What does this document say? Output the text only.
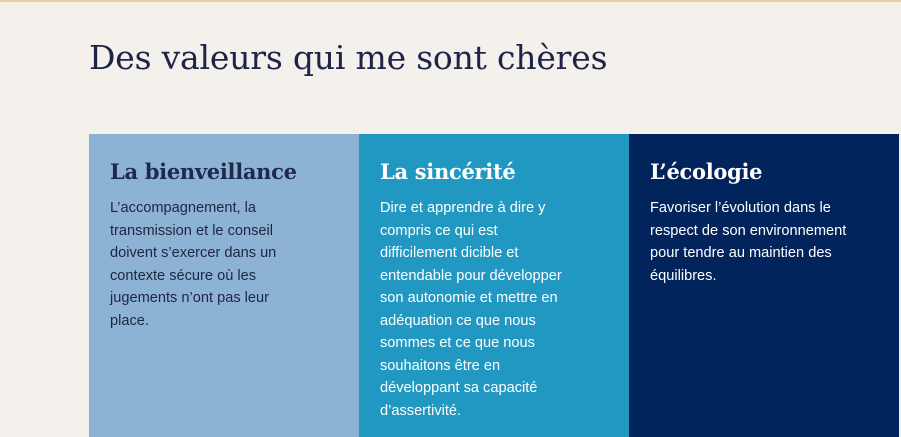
Des valeurs qui me sont chères
La bienveillance

L’accompagnement, la
transmission et le conseil
doivent s’exercer dans un
contexte sécure où les
jugements n’ont pas leur
place.

La sincérité

Dire et apprendre à dire y
compris ce qui est
difficilement dicible et
entendable pour développer
son autonomie et mettre en
adéquation ce que nous
sommes et ce que nous
souhaitons être en
développant sa capacité
d’assertivité.

L’écologie

Favoriser l’évolution dans le
respect de son environnement
pour tendre au maintien des
équilibres.
